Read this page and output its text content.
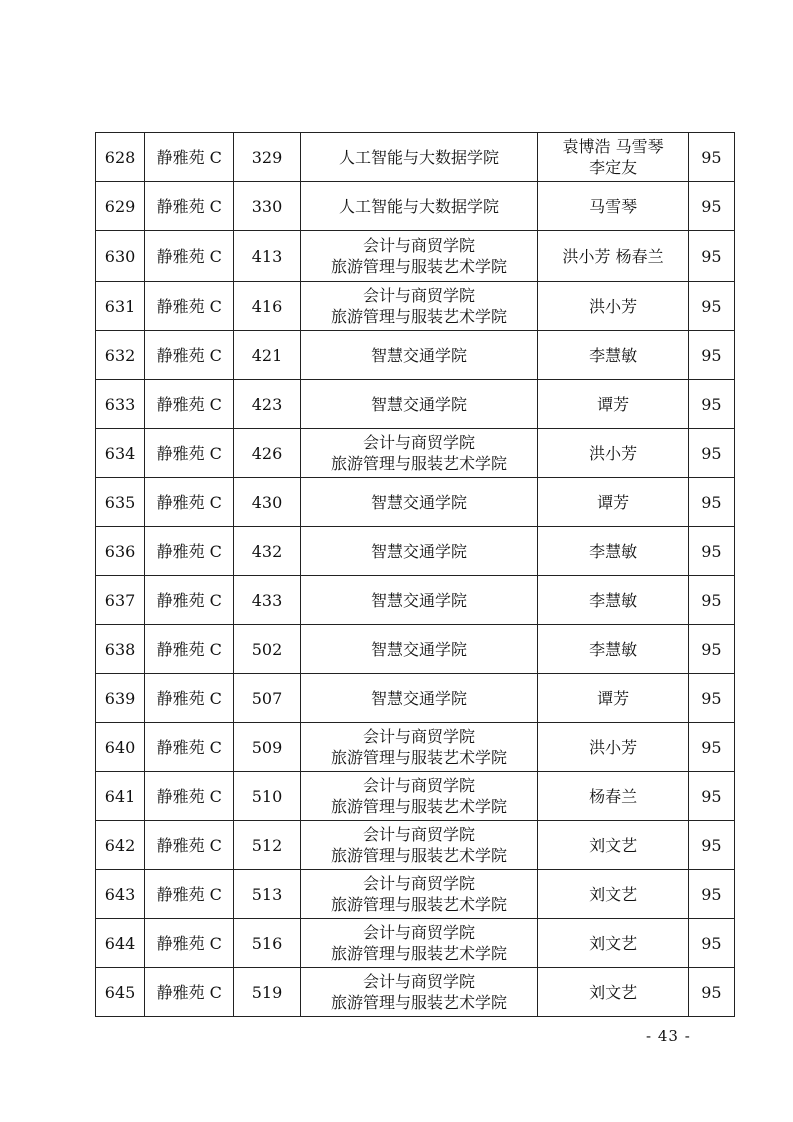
628	静雅苑 C	329	人工智能与大数据学院	袁博浩 马雪琴
李定友	95
629	静雅苑 C	330	人工智能与大数据学院	马雪琴	95
630	静雅苑 C	413	会计与商贸学院
旅游管理与服装艺术学院	洪小芳 杨春兰	95
631	静雅苑 C	416	会计与商贸学院
旅游管理与服装艺术学院	洪小芳	95
632	静雅苑 C	421	智慧交通学院	李慧敏	95
633	静雅苑 C	423	智慧交通学院	谭芳	95
634	静雅苑 C	426	会计与商贸学院
旅游管理与服装艺术学院	洪小芳	95
635	静雅苑 C	430	智慧交通学院	谭芳	95
636	静雅苑 C	432	智慧交通学院	李慧敏	95
637	静雅苑 C	433	智慧交通学院	李慧敏	95
638	静雅苑 C	502	智慧交通学院	李慧敏	95
639	静雅苑 C	507	智慧交通学院	谭芳	95
640	静雅苑 C	509	会计与商贸学院
旅游管理与服装艺术学院	洪小芳	95
641	静雅苑 C	510	会计与商贸学院
旅游管理与服装艺术学院	杨春兰	95
642	静雅苑 C	512	会计与商贸学院
旅游管理与服装艺术学院	刘文艺	95
643	静雅苑 C	513	会计与商贸学院
旅游管理与服装艺术学院	刘文艺	95
644	静雅苑 C	516	会计与商贸学院
旅游管理与服装艺术学院	刘文艺	95
645	静雅苑 C	519	会计与商贸学院
旅游管理与服装艺术学院	刘文艺	95
- 43 -
